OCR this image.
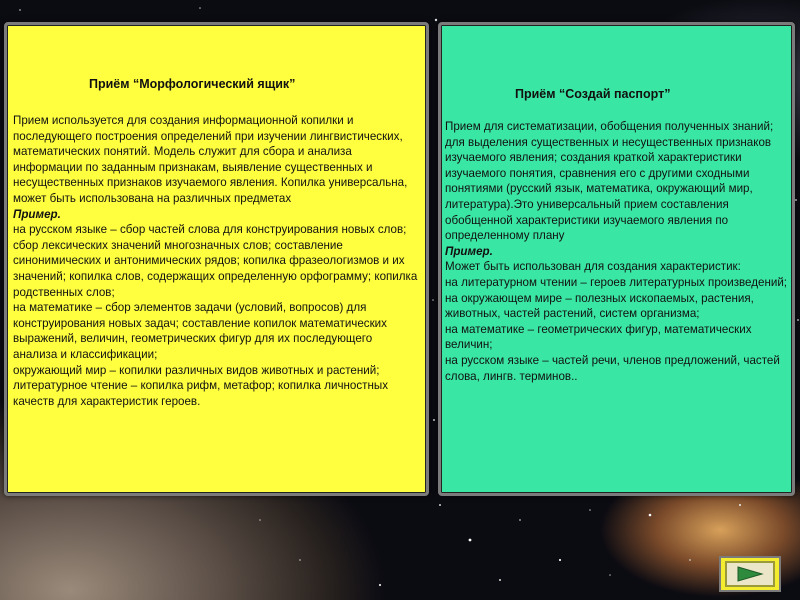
Приём “Морфологический ящик”

Прием используется для создания информационной копилки и последующего построения определений при изучении лингвистических, математических понятий. Модель служит для сбора и анализа информации по заданным признакам, выявление существенных и несущественных признаков изучаемого явления. Копилка универсальна, может быть использована на различных предметах

Пример.

на русском языке – сбор частей слова для конструирования новых слов; сбор лексических значений многозначных слов; составление синонимических и антонимических рядов; копилка фразеологизмов и их значений; копилка слов, содержащих определенную орфограмму; копилка родственных слов;

на математике – сбор элементов задачи (условий, вопросов) для конструирования новых задач; составление копилок математических выражений, величин, геометрических фигур для их последующего анализа и классификации;

окружающий мир – копилки различных видов животных и растений;

литературное чтение – копилка рифм, метафор; копилка личностных качеств для характеристик героев.

Приём “Создай паспорт”

Прием для систематизации, обобщения полученных знаний; для выделения существенных и несущественных признаков изучаемого явления; создания краткой характеристики изучаемого понятия, сравнения его с другими сходными понятиями (русский язык, математика, окружающий мир, литература).Это универсальный прием составления обобщенной характеристики изучаемого явления по определенному плану

Пример.

Может быть использован для создания характеристик:

на литературном чтении – героев литературных произведений;

на окружающем мире – полезных ископаемых, растения, животных, частей растений, систем организма;

на математике – геометрических фигур, математических величин;

на русском языке – частей речи, членов предложений, частей слова, лингв. терминов..
